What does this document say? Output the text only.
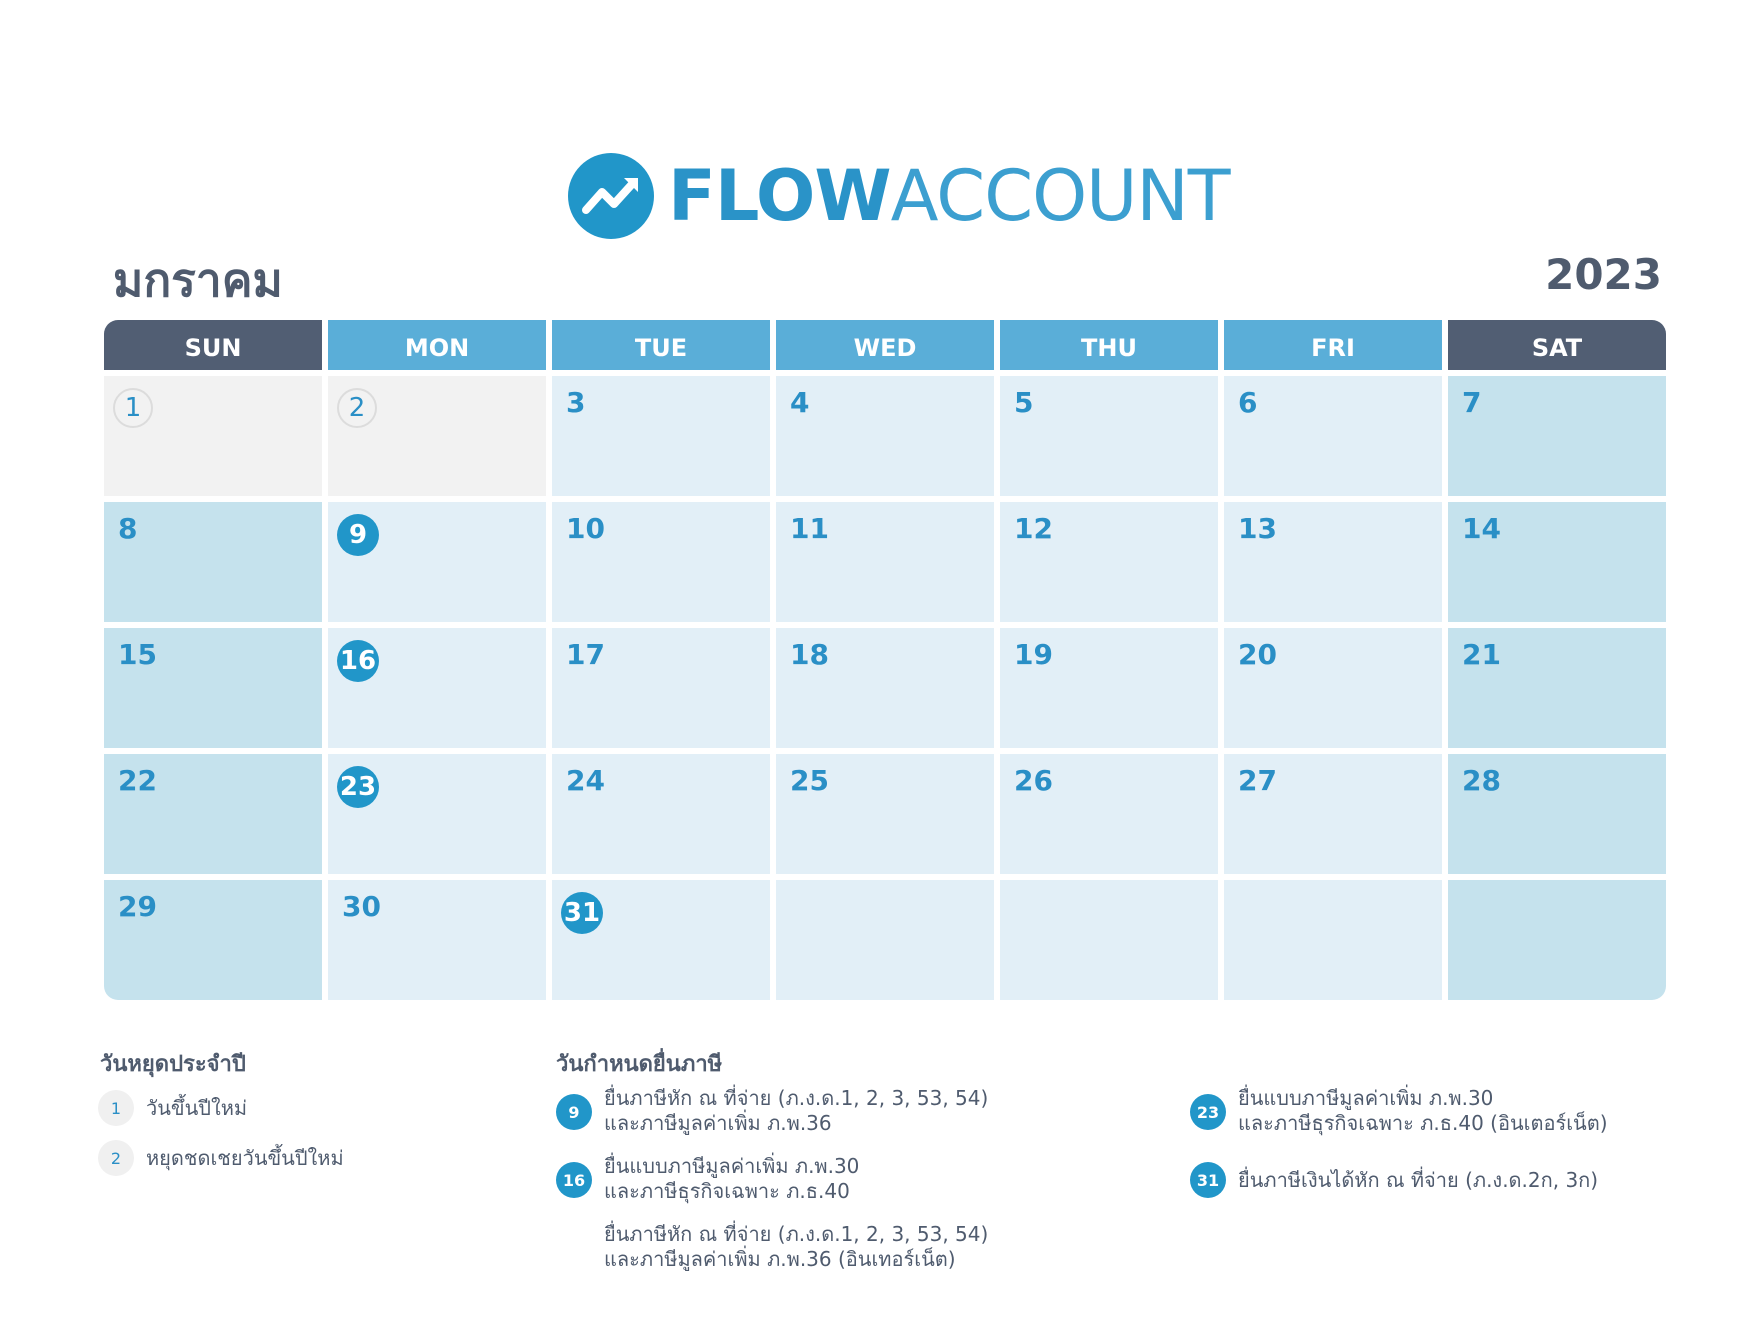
FLOWACCOUNT
มกราคม	2023
SUN	MON	TUE	WED	THU	FRI	SAT
1	2	3	4	5	6	7
8	9	10	11	12	13	14
15	16	17	18	19	20	21
22	23	24	25	26	27	28
29	30	31
วันหยุดประจำปี
1	วันขึ้นปีใหม่
2	หยุดชดเชยวันขึ้นปีใหม่
วันกำหนดยื่นภาษี
9
ยื่นภาษีหัก ณ ที่จ่าย (ภ.ง.ด.1, 2, 3, 53, 54)
และภาษีมูลค่าเพิ่ม ภ.พ.36
16
ยื่นแบบภาษีมูลค่าเพิ่ม ภ.พ.30
และภาษีธุรกิจเฉพาะ ภ.ธ.40
ยื่นภาษีหัก ณ ที่จ่าย (ภ.ง.ด.1, 2, 3, 53, 54)
และภาษีมูลค่าเพิ่ม ภ.พ.36 (อินเทอร์เน็ต)
23
ยื่นแบบภาษีมูลค่าเพิ่ม ภ.พ.30
และภาษีธุรกิจเฉพาะ ภ.ธ.40 (อินเตอร์เน็ต)
31 ยื่นภาษีเงินได้หัก ณ ที่จ่าย (ภ.ง.ด.2ก, 3ก)
